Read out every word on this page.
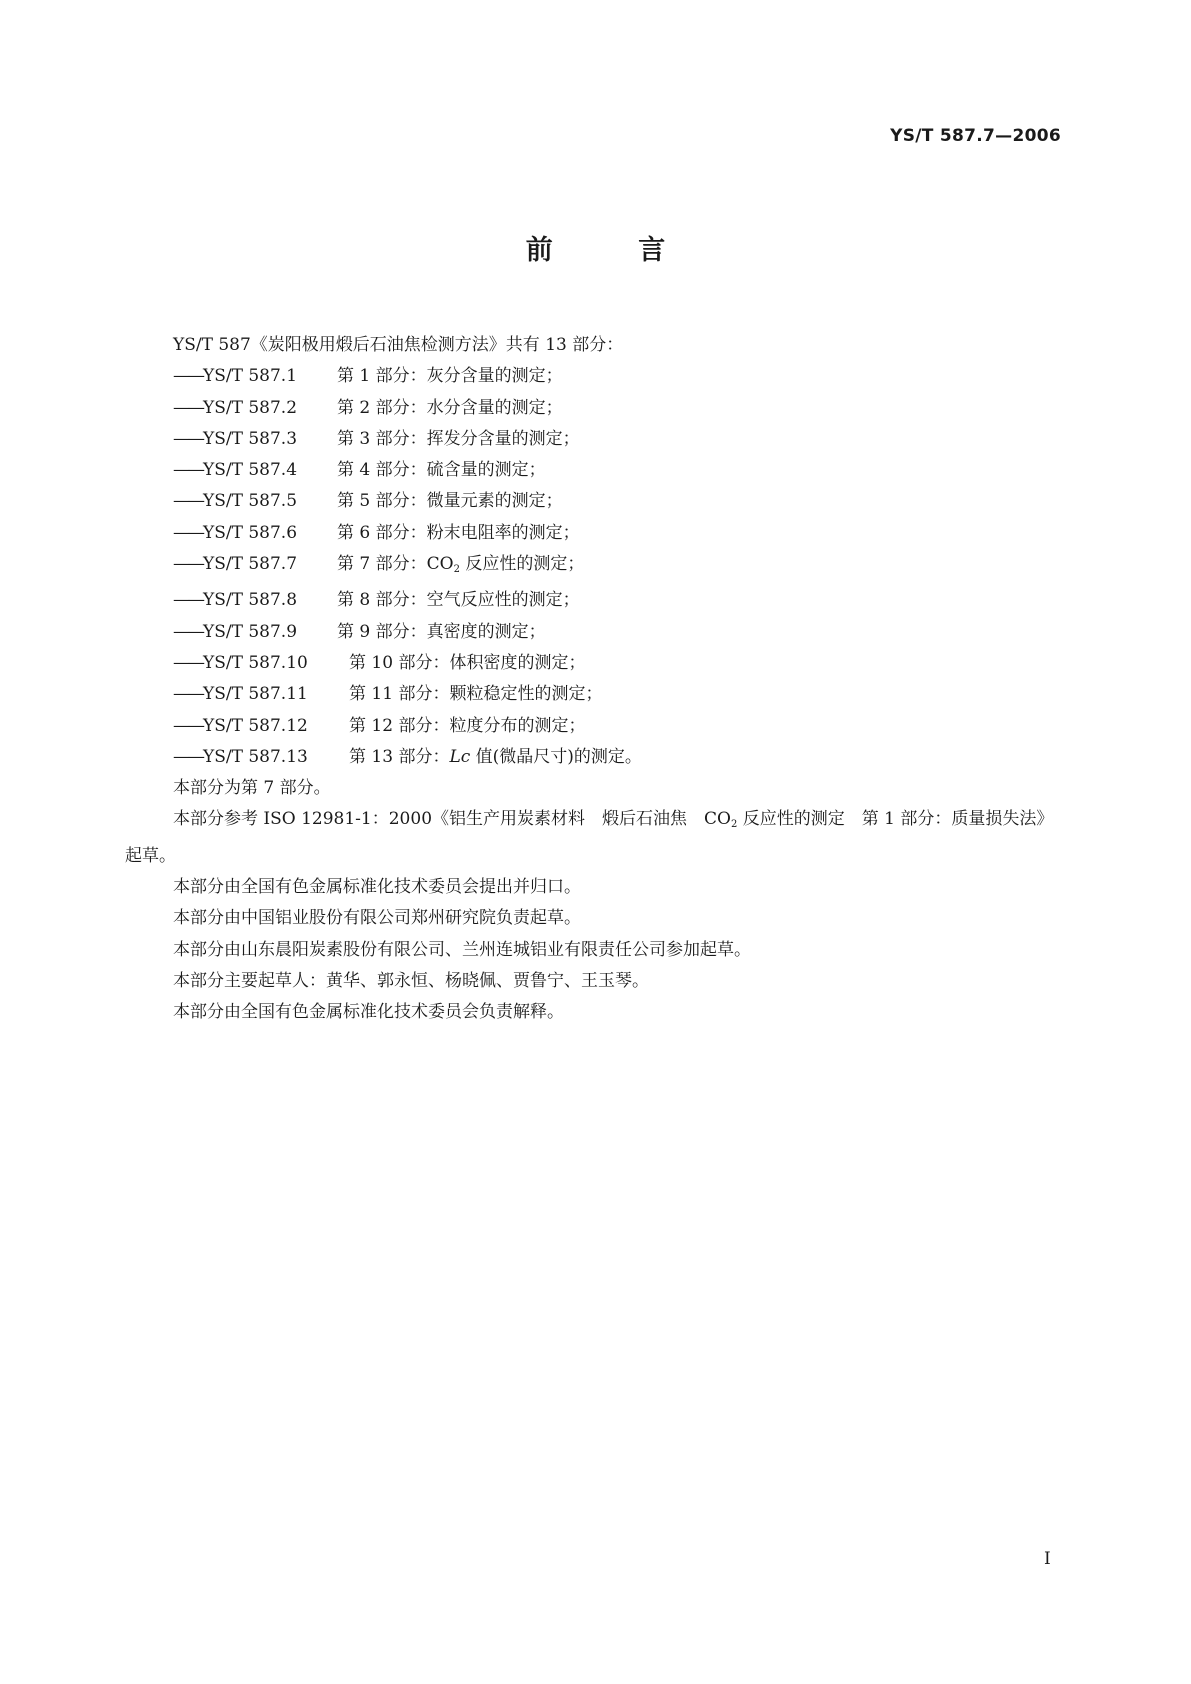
YS/T 587.7—2006
前 言

YS/T 587《炭阳极用煅后石油焦检测方法》共有 13 部分：

——YS/T 587.1 第 1 部分：灰分含量的测定；

——YS/T 587.2 第 2 部分：水分含量的测定；

——YS/T 587.3 第 3 部分：挥发分含量的测定；

——YS/T 587.4 第 4 部分：硫含量的测定；

——YS/T 587.5 第 5 部分：微量元素的测定；

——YS/T 587.6 第 6 部分：粉末电阻率的测定；

——YS/T 587.7 第 7 部分：$CO_2$ 反应性的测定；

——YS/T 587.8 第 8 部分：空气反应性的测定；

——YS/T 587.9 第 9 部分：真密度的测定；

——YS/T 587.10 第 10 部分：体积密度的测定；

——YS/T 587.11 第 11 部分：颗粒稳定性的测定；

——YS/T 587.12 第 12 部分：粒度分布的测定；

——YS/T 587.13 第 13 部分：Lc 值(微晶尺寸)的测定。

本部分为第 7 部分。

本部分参考 ISO 12981-1：2000《铝生产用炭素材料　煅后石油焦　$CO_2$ 反应性的测定　第 1 部分：质量损失法》起草。

本部分由全国有色金属标准化技术委员会提出并归口。

本部分由中国铝业股份有限公司郑州研究院负责起草。

本部分由山东晨阳炭素股份有限公司、兰州连城铝业有限责任公司参加起草。

本部分主要起草人：黄华、郭永恒、杨晓佩、贾鲁宁、王玉琴。

本部分由全国有色金属标准化技术委员会负责解释。

I
